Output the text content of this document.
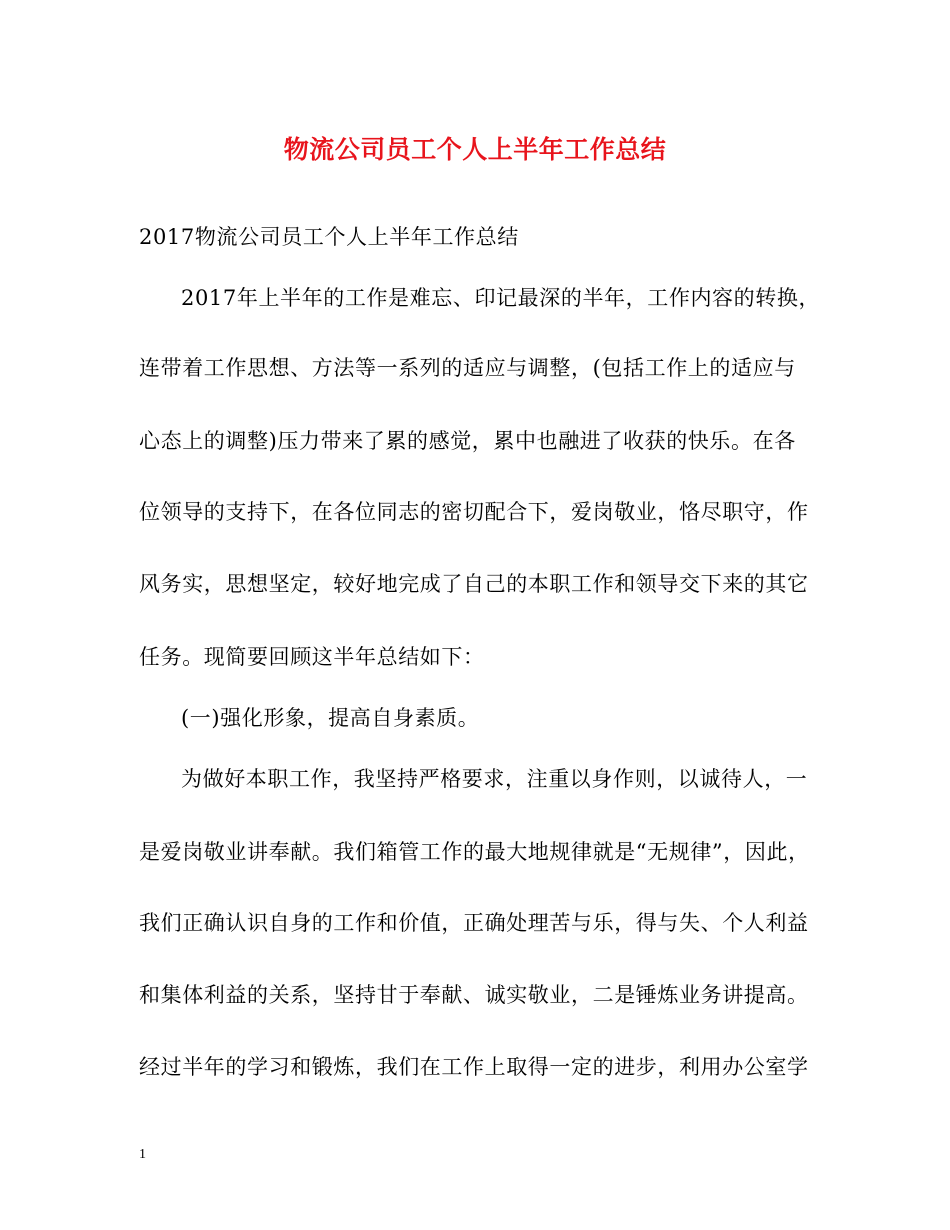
物流公司员工个人上半年工作总结
2017物流公司员工个人上半年工作总结
2017年上半年的工作是难忘、印记最深的半年，工作内容的转换，
连带着工作思想、方法等一系列的适应与调整，(包括工作上的适应与
心态上的调整)压力带来了累的感觉，累中也融进了收获的快乐。在各
位领导的支持下，在各位同志的密切配合下，爱岗敬业，恪尽职守，作
风务实，思想坚定，较好地完成了自己的本职工作和领导交下来的其它
任务。现简要回顾这半年总结如下：
(一)强化形象，提高自身素质。
为做好本职工作，我坚持严格要求，注重以身作则，以诚待人，一
是爱岗敬业讲奉献。我们箱管工作的最大地规律就是“无规律”，因此，
我们正确认识自身的工作和价值，正确处理苦与乐，得与失、个人利益
和集体利益的关系，坚持甘于奉献、诚实敬业，二是锤炼业务讲提高。
经过半年的学习和锻炼，我们在工作上取得一定的进步，利用办公室学
1
